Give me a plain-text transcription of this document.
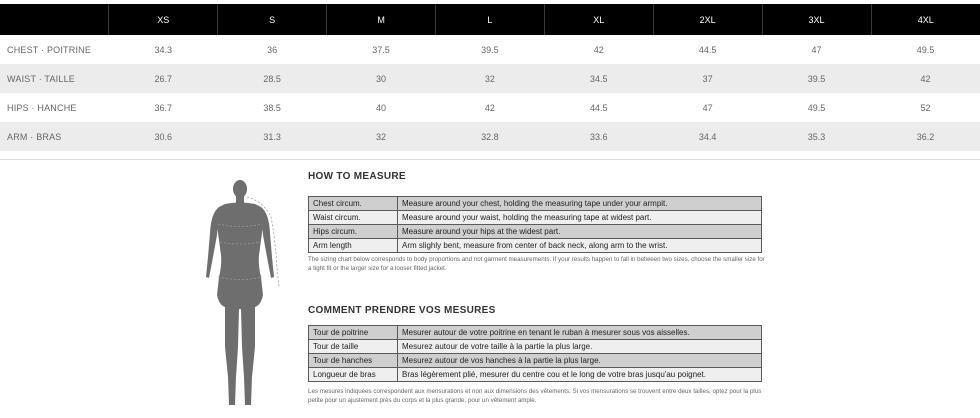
	XS	S	M	L	XL	2XL	3XL	4XL
CHEST · POITRINE	34.3	36	37.5	39.5	42	44.5	47	49.5
WAIST · TAILLE	26.7	28.5	30	32	34.5	37	39.5	42
HIPS · HANCHE	36.7	38.5	40	42	44.5	47	49.5	52
ARM · BRAS	30.6	31.3	32	32.8	33.6	34.4	35.3	36.2
HOW TO MEASURE
Chest circum.	Measure around your chest, holding the measuring tape under your armpit.
Waist circum.	Measure around your waist, holding the measuring tape at widest part.
Hips circum.	Measure around your hips at the widest part.
Arm length	Arm slighly bent, measure from center of back neck, along arm to the wrist.
The sizing chart below corresponds to body proportions and not garment measurements. If your results happen to fall in between two sizes, choose the smaller size for a tight fit or the larger size for a looser fitted jacket.
COMMENT PRENDRE VOS MESURES
Tour de poitrine	Mesurer autour de votre poitrine en tenant le ruban à mesurer sous vos aisselles.
Tour de taille	Mesurez autour de votre taille à la partie la plus large.
Tour de hanches	Mesurez autour de vos hanches à la partie la plus large.
Longueur de bras	Bras légèrement plié, mesurer du centre cou et le long de votre bras jusqu'au poignet.
Les mesures indiquées correspondent aux mensurations et non aux dimensions des vêtements. Si vos mensurations se trouvent entre deux tailles, optez pour la plus petite pour un ajustement près du corps et la plus grande, pour un vêtement ample.
